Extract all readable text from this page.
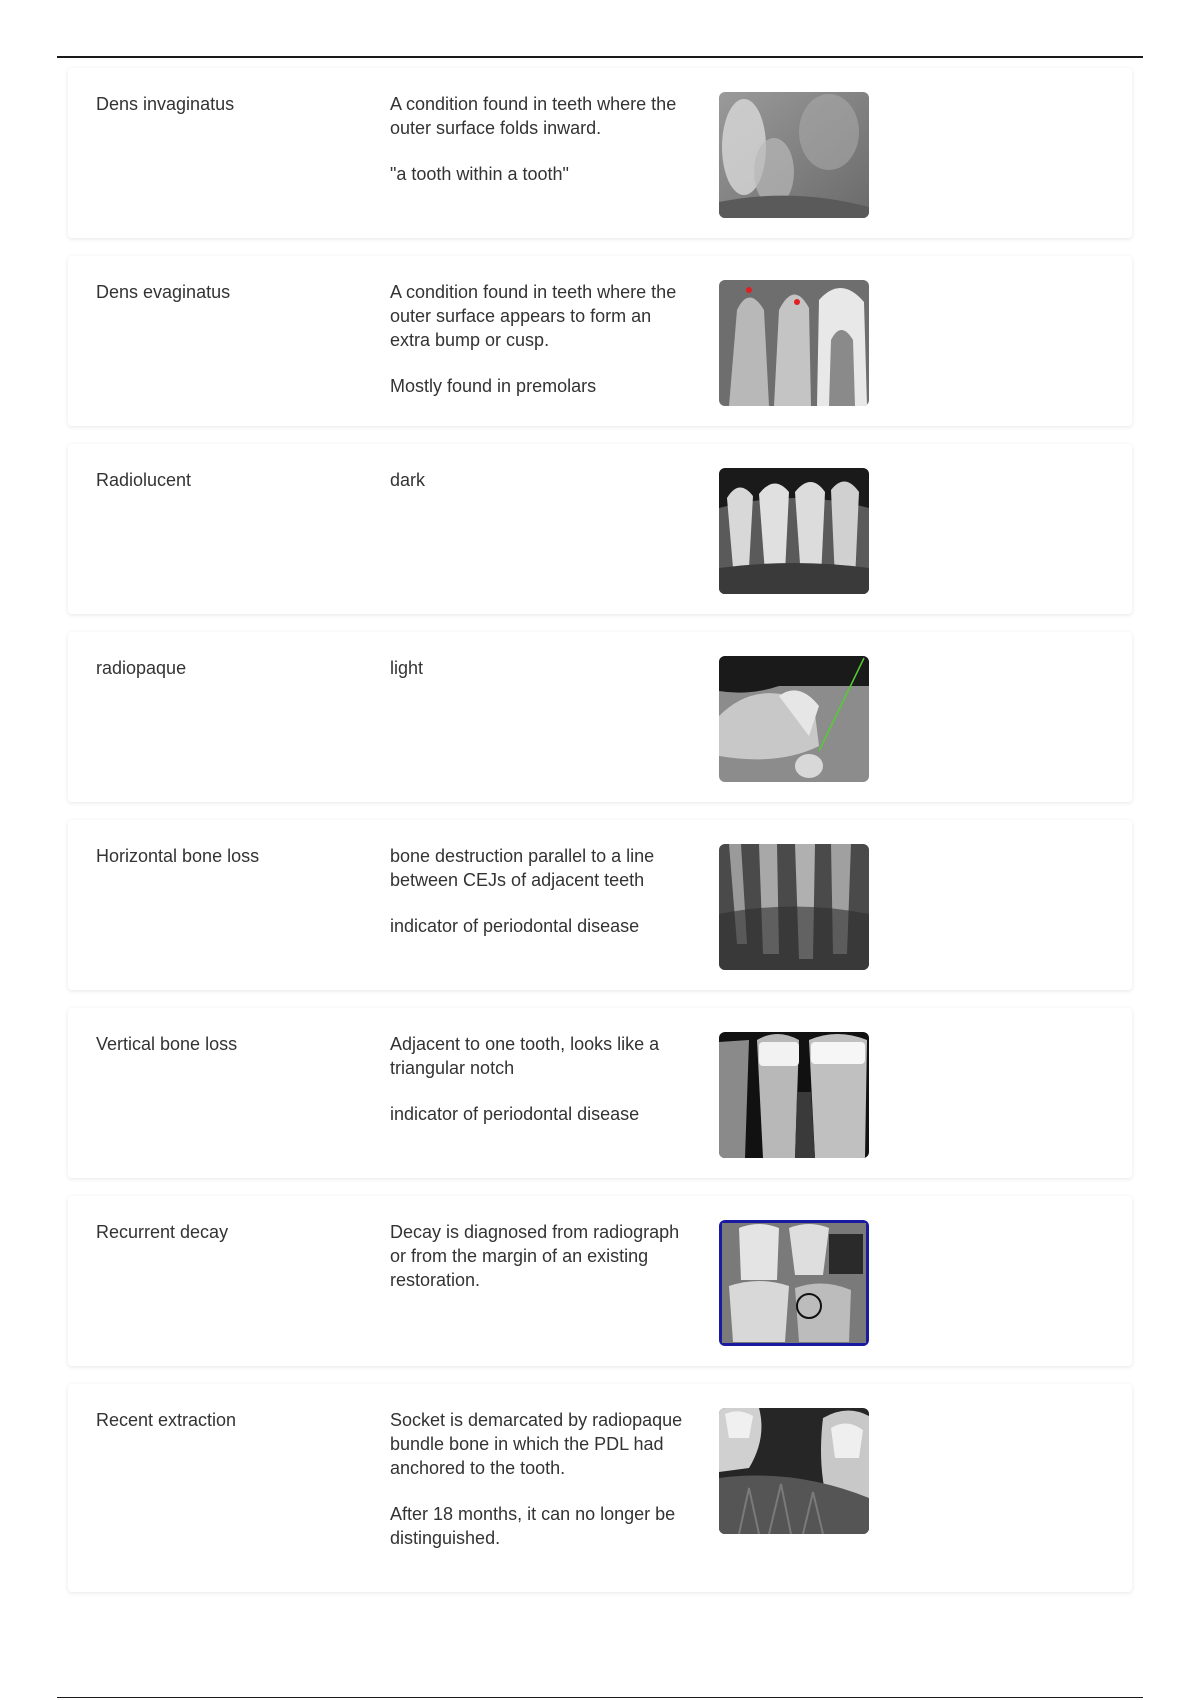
Dens invaginatus	A condition found in teeth where the outer surface folds inward.

"a tooth within a tooth"

Dens evaginatus	A condition found in teeth where the outer surface appears to form an extra bump or cusp.

Mostly found in premolars

Radiolucent	dark

radiopaque	light

Horizontal bone loss	bone destruction parallel to a line between CEJs of adjacent teeth

indicator of periodontal disease

Vertical bone loss	Adjacent to one tooth, looks like a triangular notch

indicator of periodontal disease

Recurrent decay	Decay is diagnosed from radiograph or from the margin of an existing restoration.

Recent extraction	Socket is demarcated by radiopaque bundle bone in which the PDL had anchored to the tooth.

After 18 months, it can no longer be distinguished.
